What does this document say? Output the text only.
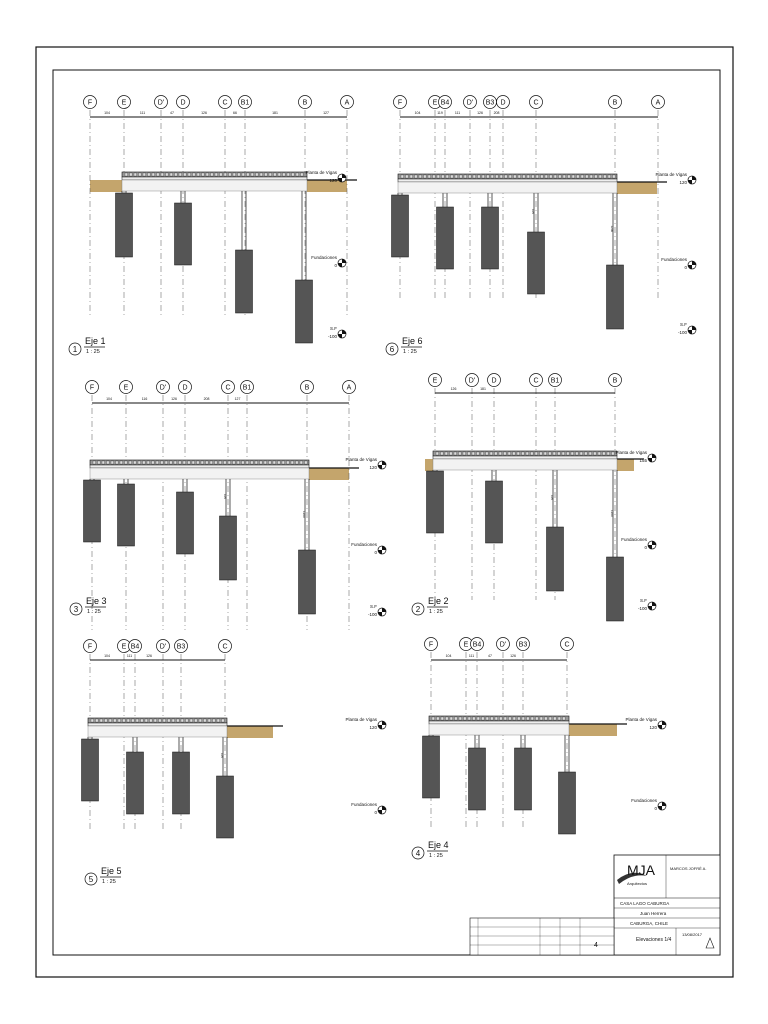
F	E	D' D	C B1	B	A
104	111	47	126	66	181	127
Planta de Vigas
120
Fundaciones
0
S.F
-100
1
Eje 1
1 : 25
F	E B4	D' B3 D	C	B	A
104	119	111	126	208
105
1200
Planta de Vigas
120
Fundaciones
0
S.F
-100
6
Eje 6
1 : 25
F	E	D' D	C B1	B	A
104	116	126	208	127
105
1200
Planta de Vigas
120
Fundaciones
0
S.F
-100
3
Eje 3
1 : 25
E	D' D	C B1	B
126	181
105
1200
Planta de Vigas
155
Fundaciones
0
S.F
-100
2
Eje 2
1 : 25
F	E B4	D' B3	C
104	111	126
105
Planta de Vigas
120
Fundaciones
0
5
Eje 5
1 : 25
F	E B4	D' B3	C
104	111	47	126
Planta de Vigas
120
Fundaciones
0
4
Eje 4
1 : 25
MJA
Arquitectos
MARCOS JOFRÉ A.
CASA LAGO CABURGA
Juan Herrera
CABURGA, CHILE
Elevaciones 1/4
4
13/08/2017
